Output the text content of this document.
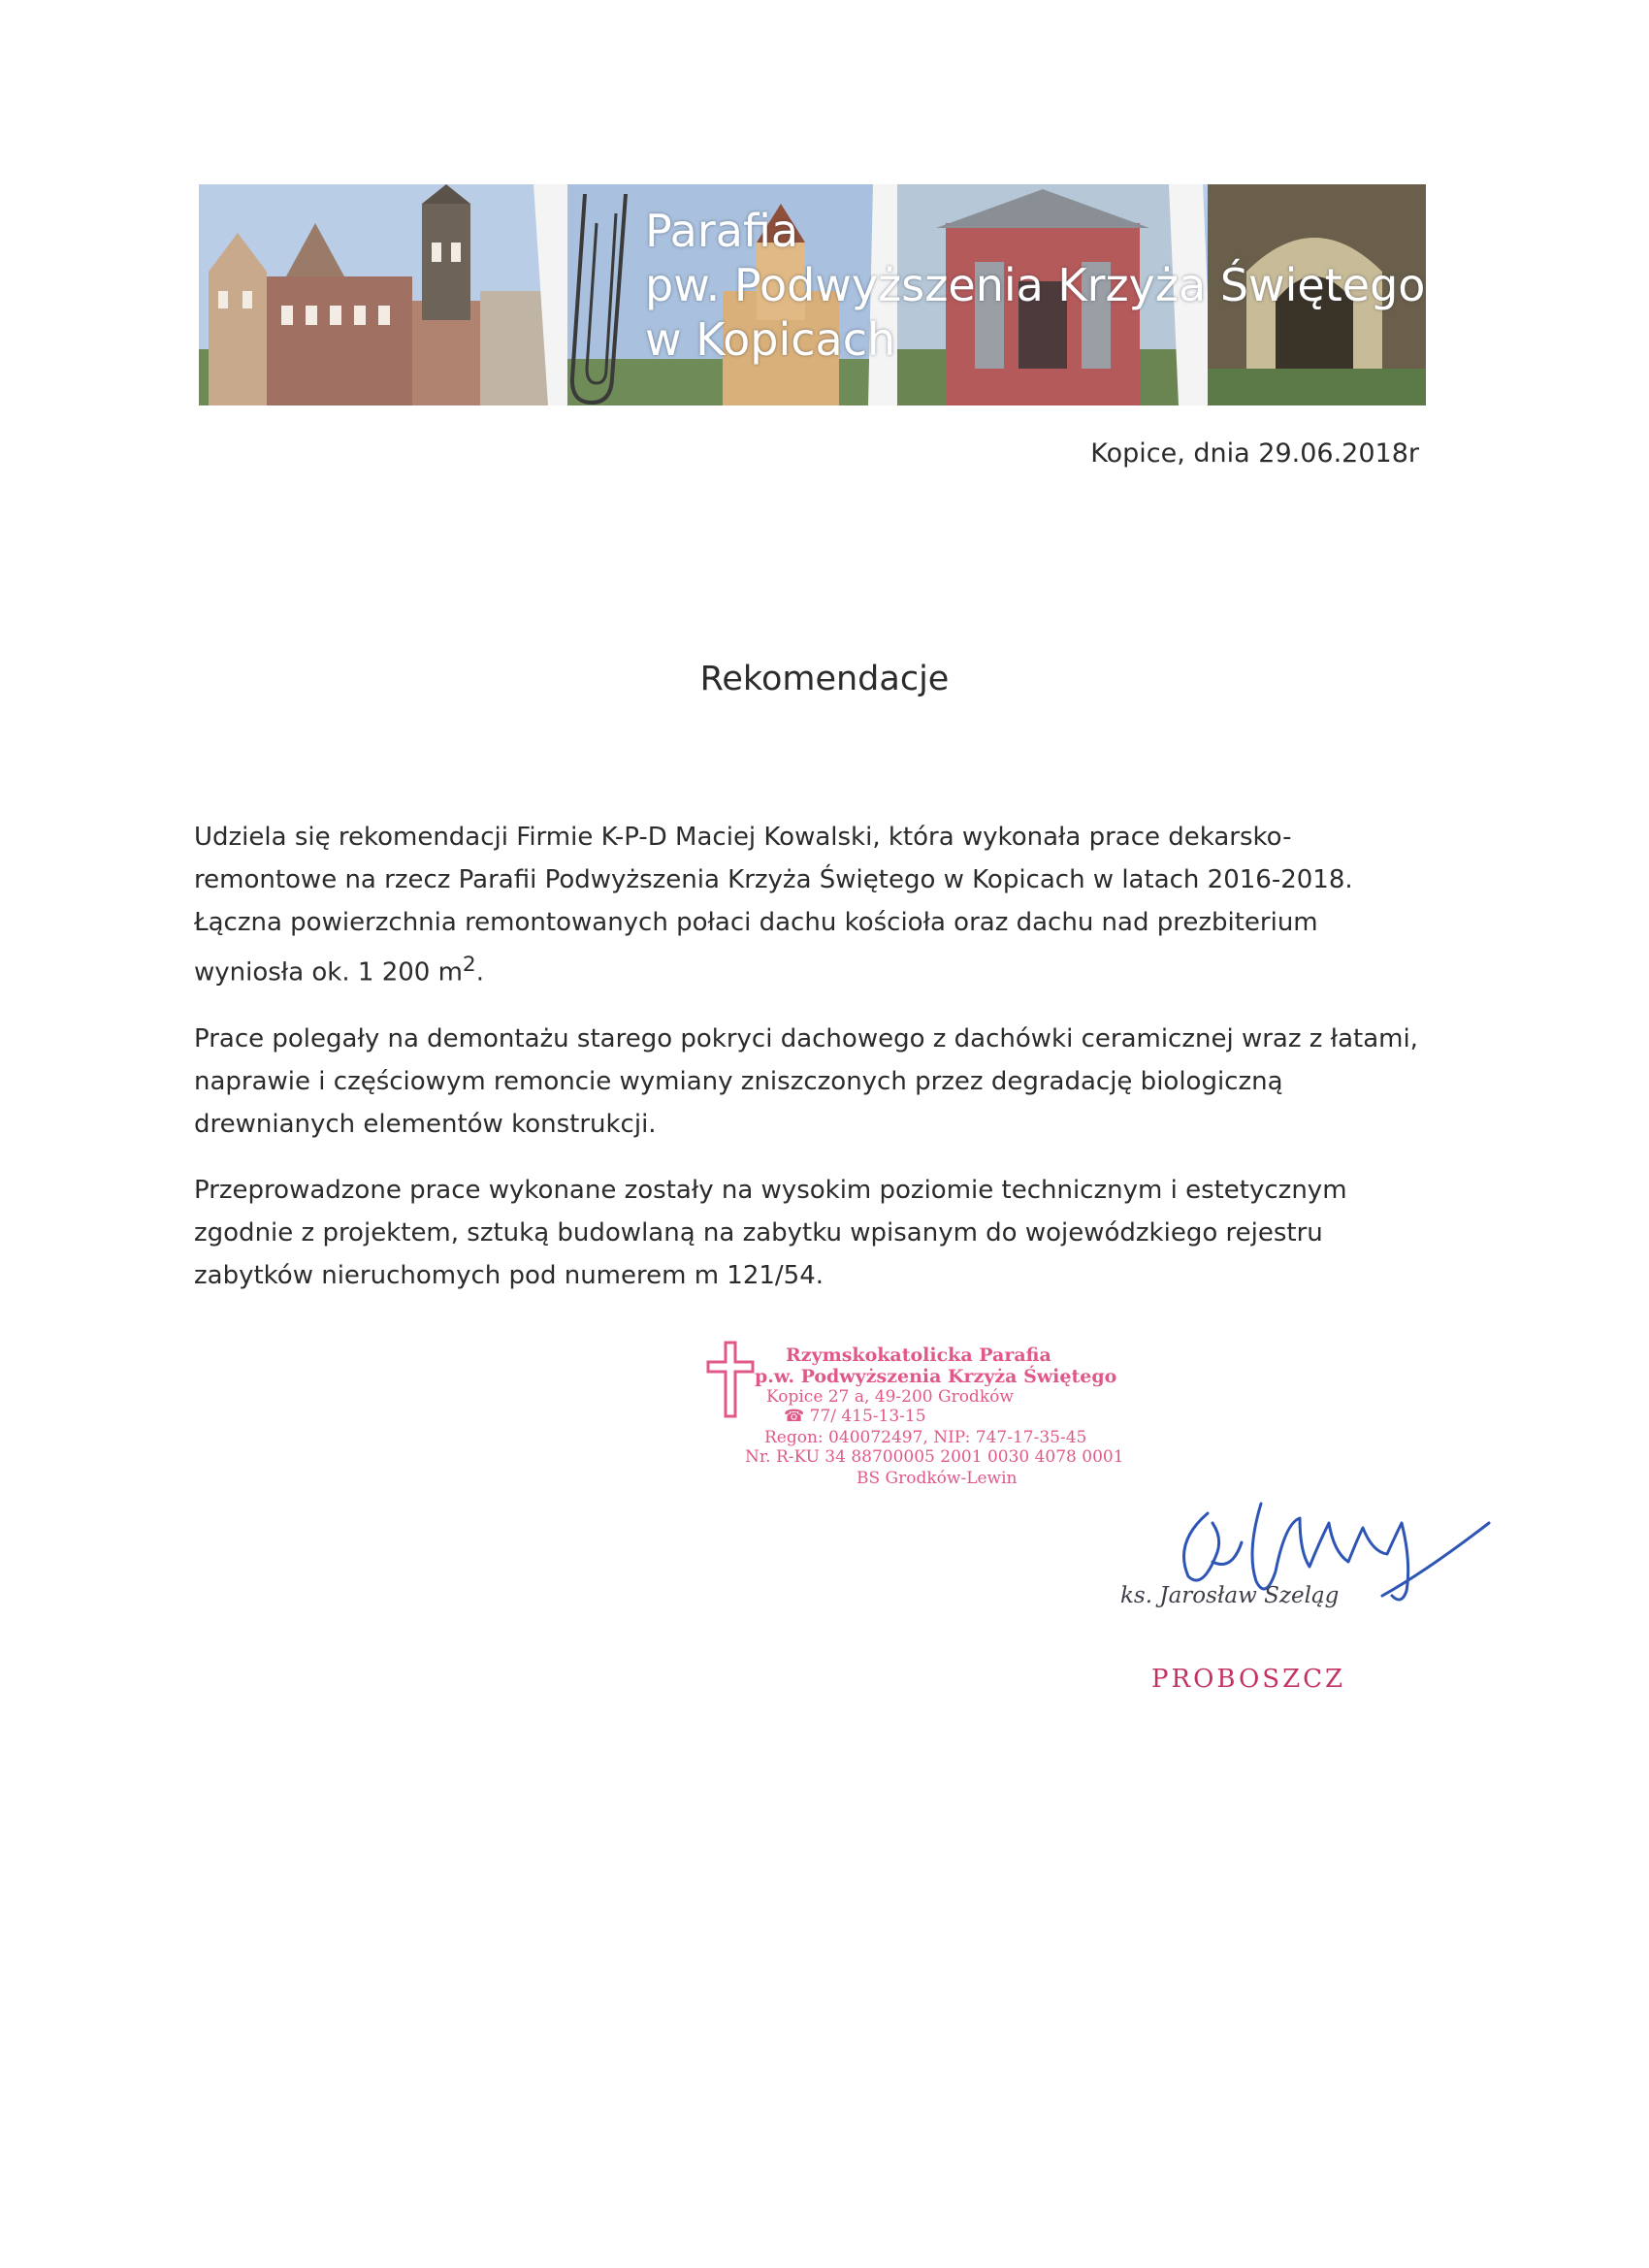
Parafia
pw. Podwyższenia Krzyża Świętego
w Kopicach
Kopice, dnia 29.06.2018r
Rekomendacje

Udziela się rekomendacji Firmie K-P-D Maciej Kowalski, która wykonała prace dekarsko-remontowe na rzecz Parafii Podwyższenia Krzyża Świętego w Kopicach w latach 2016-2018. Łączna powierzchnia remontowanych połaci dachu kościoła oraz dachu nad prezbiterium wyniosła ok. 1 200 $m^2$.

Prace polegały na demontażu starego pokryci dachowego z dachówki ceramicznej wraz z łatami, naprawie i częściowym remoncie wymiany zniszczonych przez degradację biologiczną drewnianych elementów konstrukcji.

Przeprowadzone prace wykonane zostały na wysokim poziomie technicznym i estetycznym zgodnie z projektem, sztuką budowlaną na zabytku wpisanym do wojewódzkiego rejestru zabytków nieruchomych pod numerem m 121/54.

Rzymskokatolicka Parafia
p.w. Podwyższenia Krzyża Świętego
Kopice 27 a, 49-200 Grodków
☎ 77/ 415-13-15
Regon: 040072497, NIP: 747-17-35-45
Nr. R-KU 34 88700005 2001 0030 4078 0001
BS Grodków-Lewin
ks. Jarosław Szeląg
PROBOSZCZ
